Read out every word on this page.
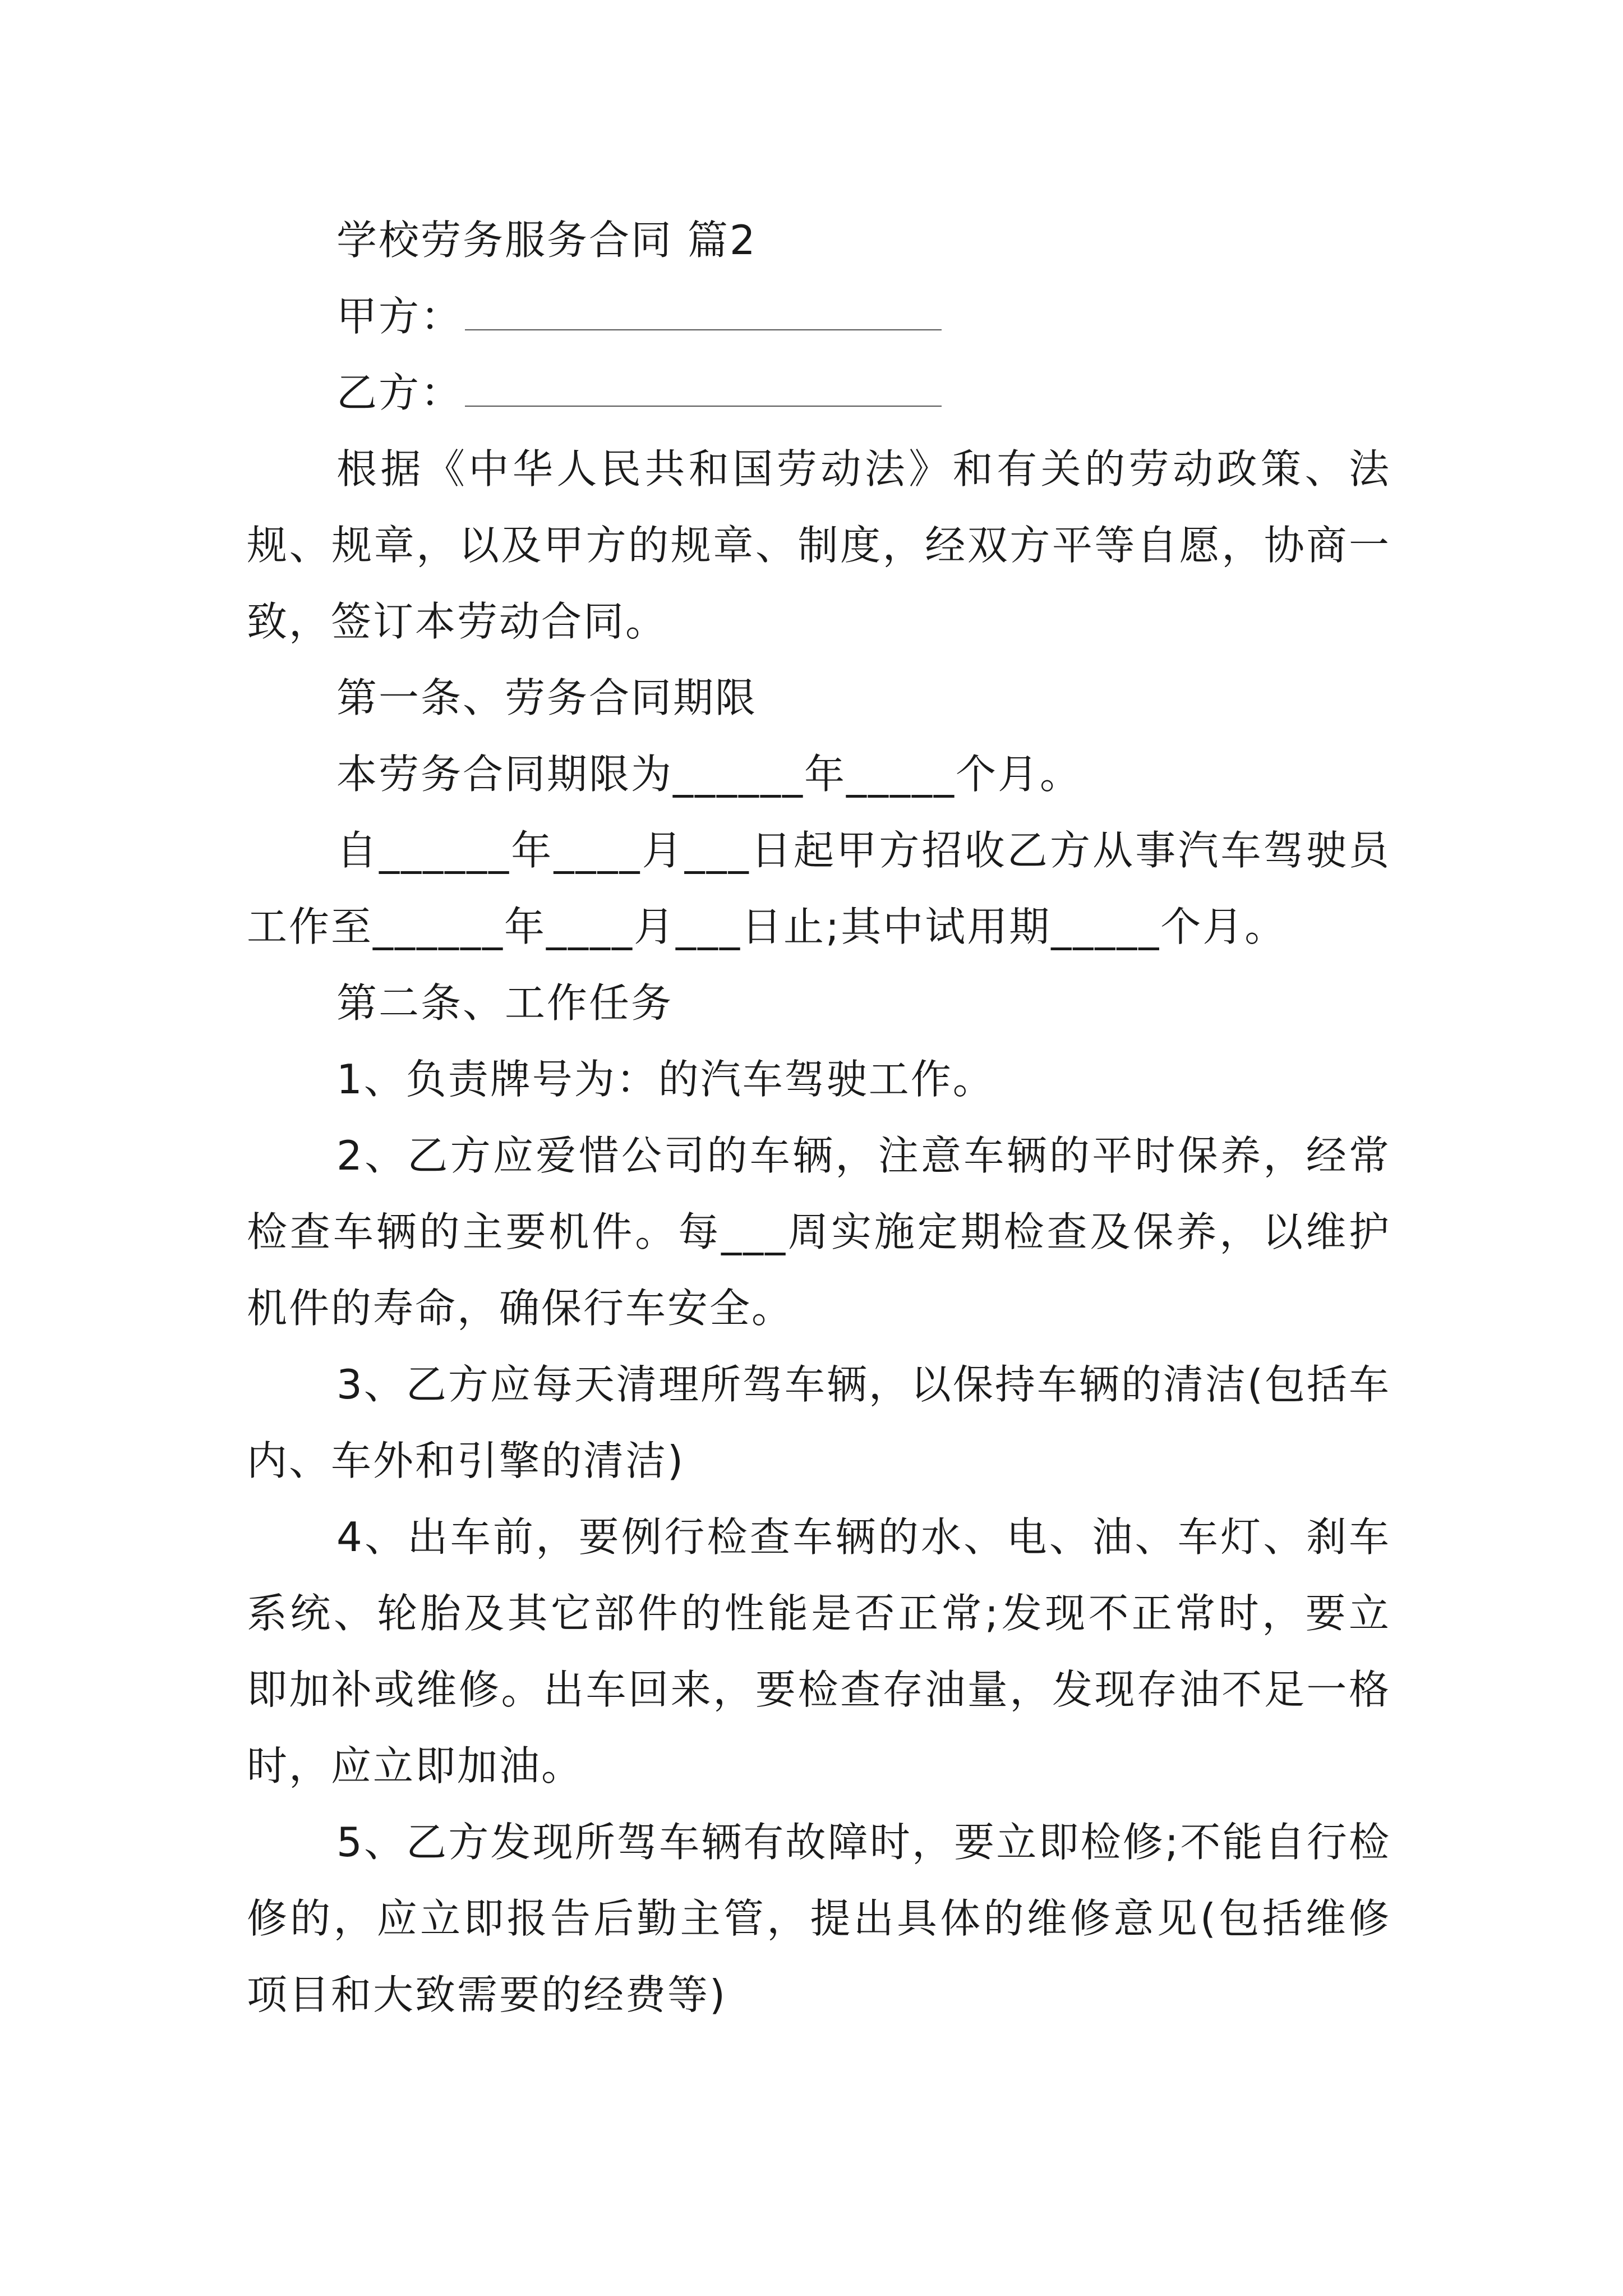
学校劳务服务合同 篇2

甲方：

乙方：

根据《中华人民共和国劳动法》和有关的劳动政策、法规、规章，以及甲方的规章、制度，经双方平等自愿，协商一致，签订本劳动合同。

第一条、劳务合同期限

本劳务合同期限为______年_____个月。

自______年____月___日起甲方招收乙方从事汽车驾驶员工作至______年____月___日止;其中试用期_____个月。

第二条、工作任务

1、负责牌号为：的汽车驾驶工作。

2、乙方应爱惜公司的车辆，注意车辆的平时保养，经常检查车辆的主要机件。每___周实施定期检查及保养，以维护机件的寿命，确保行车安全。

3、乙方应每天清理所驾车辆，以保持车辆的清洁(包括车内、车外和引擎的清洁)

4、出车前，要例行检查车辆的水、电、油、车灯、刹车系统、轮胎及其它部件的性能是否正常;发现不正常时，要立即加补或维修。出车回来，要检查存油量，发现存油不足一格时，应立即加油。

5、乙方发现所驾车辆有故障时，要立即检修;不能自行检修的，应立即报告后勤主管，提出具体的维修意见(包括维修项目和大致需要的经费等)
